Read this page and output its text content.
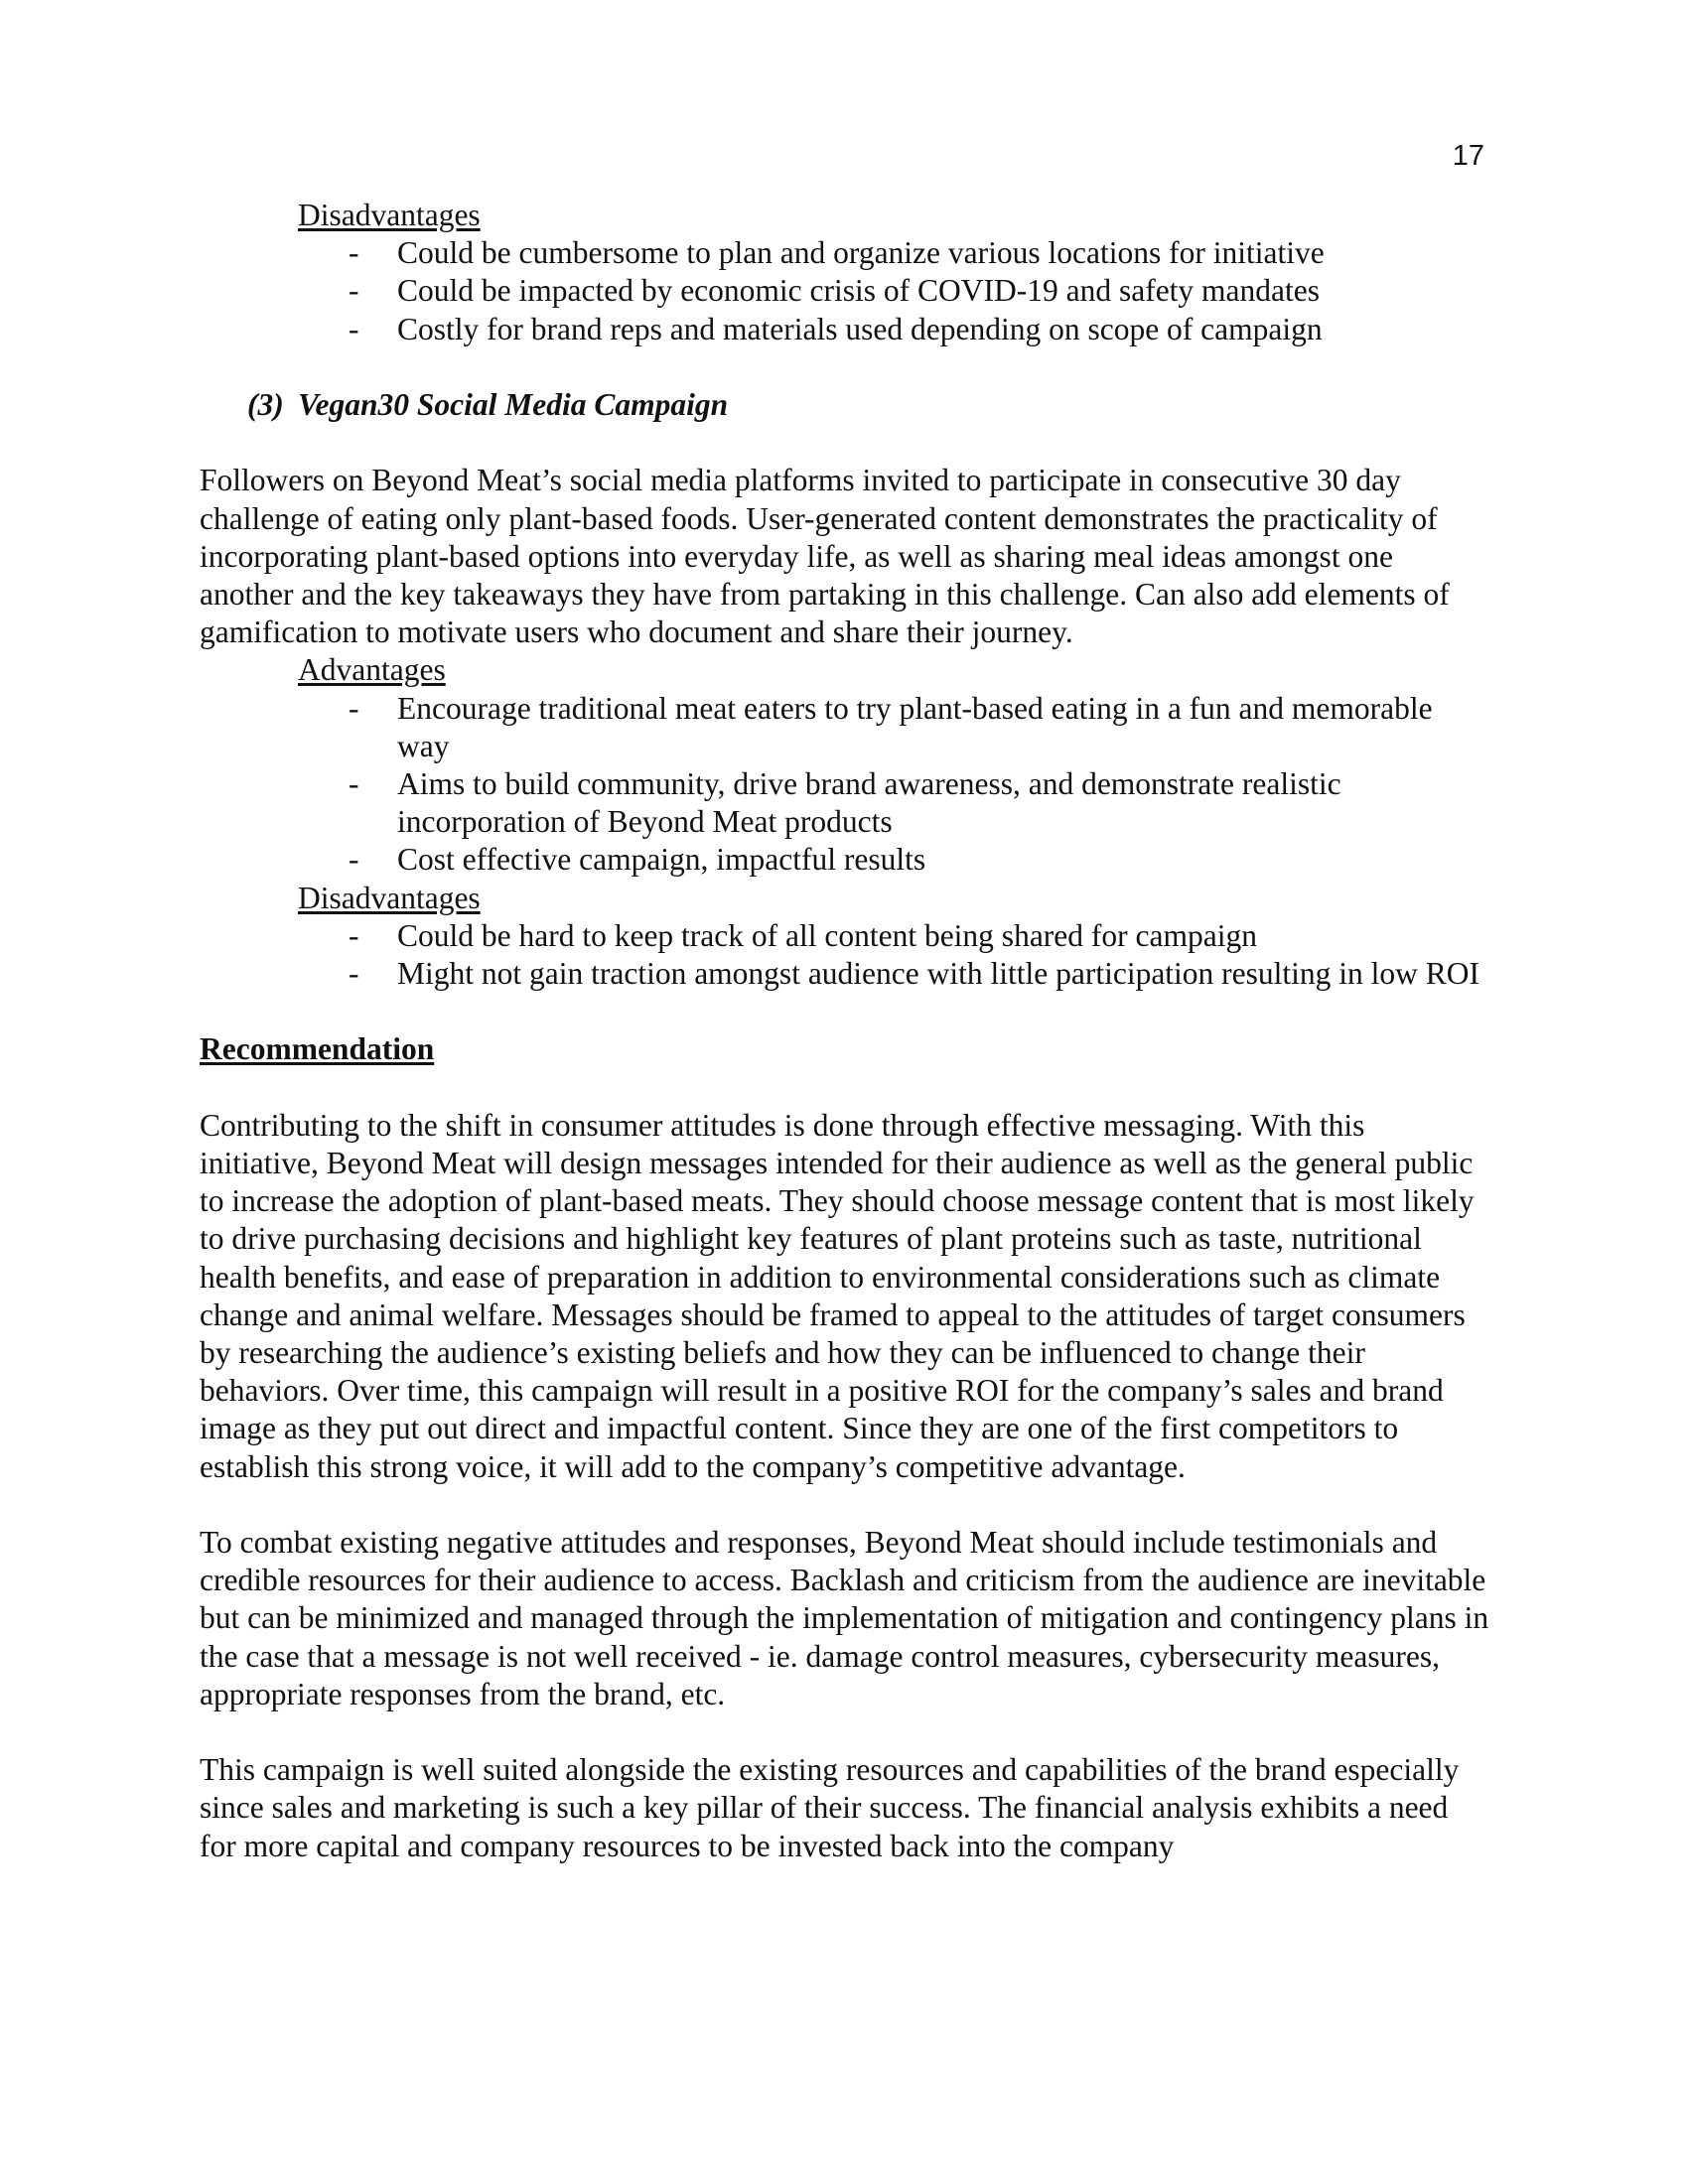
17
Disadvantages
- Could be cumbersome to plan and organize various locations for initiative
- Could be impacted by economic crisis of COVID-19 and safety mandates
- Costly for brand reps and materials used depending on scope of campaign
(3) Vegan30 Social Media Campaign

Followers on Beyond Meat’s social media platforms invited to participate in consecutive 30 day challenge of eating only plant-based foods. User-generated content demonstrates the practicality of incorporating plant-based options into everyday life, as well as sharing meal ideas amongst one another and the key takeaways they have from partaking in this challenge. Can also add elements of gamification to motivate users who document and share their journey.

Advantages
- Encourage traditional meat eaters to try plant-based eating in a fun and memorable way
- Aims to build community, drive brand awareness, and demonstrate realistic incorporation of Beyond Meat products
- Cost effective campaign, impactful results
Disadvantages
- Could be hard to keep track of all content being shared for campaign
- Might not gain traction amongst audience with little participation resulting in low ROI
Recommendation

Contributing to the shift in consumer attitudes is done through effective messaging. With this initiative, Beyond Meat will design messages intended for their audience as well as the general public to increase the adoption of plant-based meats. They should choose message content that is most likely to drive purchasing decisions and highlight key features of plant proteins such as taste, nutritional health benefits, and ease of preparation in addition to environmental considerations such as climate change and animal welfare. Messages should be framed to appeal to the attitudes of target consumers by researching the audience’s existing beliefs and how they can be influenced to change their behaviors. Over time, this campaign will result in a positive ROI for the company’s sales and brand image as they put out direct and impactful content. Since they are one of the first competitors to establish this strong voice, it will add to the company’s competitive advantage.

To combat existing negative attitudes and responses, Beyond Meat should include testimonials and credible resources for their audience to access. Backlash and criticism from the audience are inevitable but can be minimized and managed through the implementation of mitigation and contingency plans in the case that a message is not well received - ie. damage control measures, cybersecurity measures, appropriate responses from the brand, etc.

This campaign is well suited alongside the existing resources and capabilities of the brand especially since sales and marketing is such a key pillar of their success. The financial analysis exhibits a need for more capital and company resources to be invested back into the company
